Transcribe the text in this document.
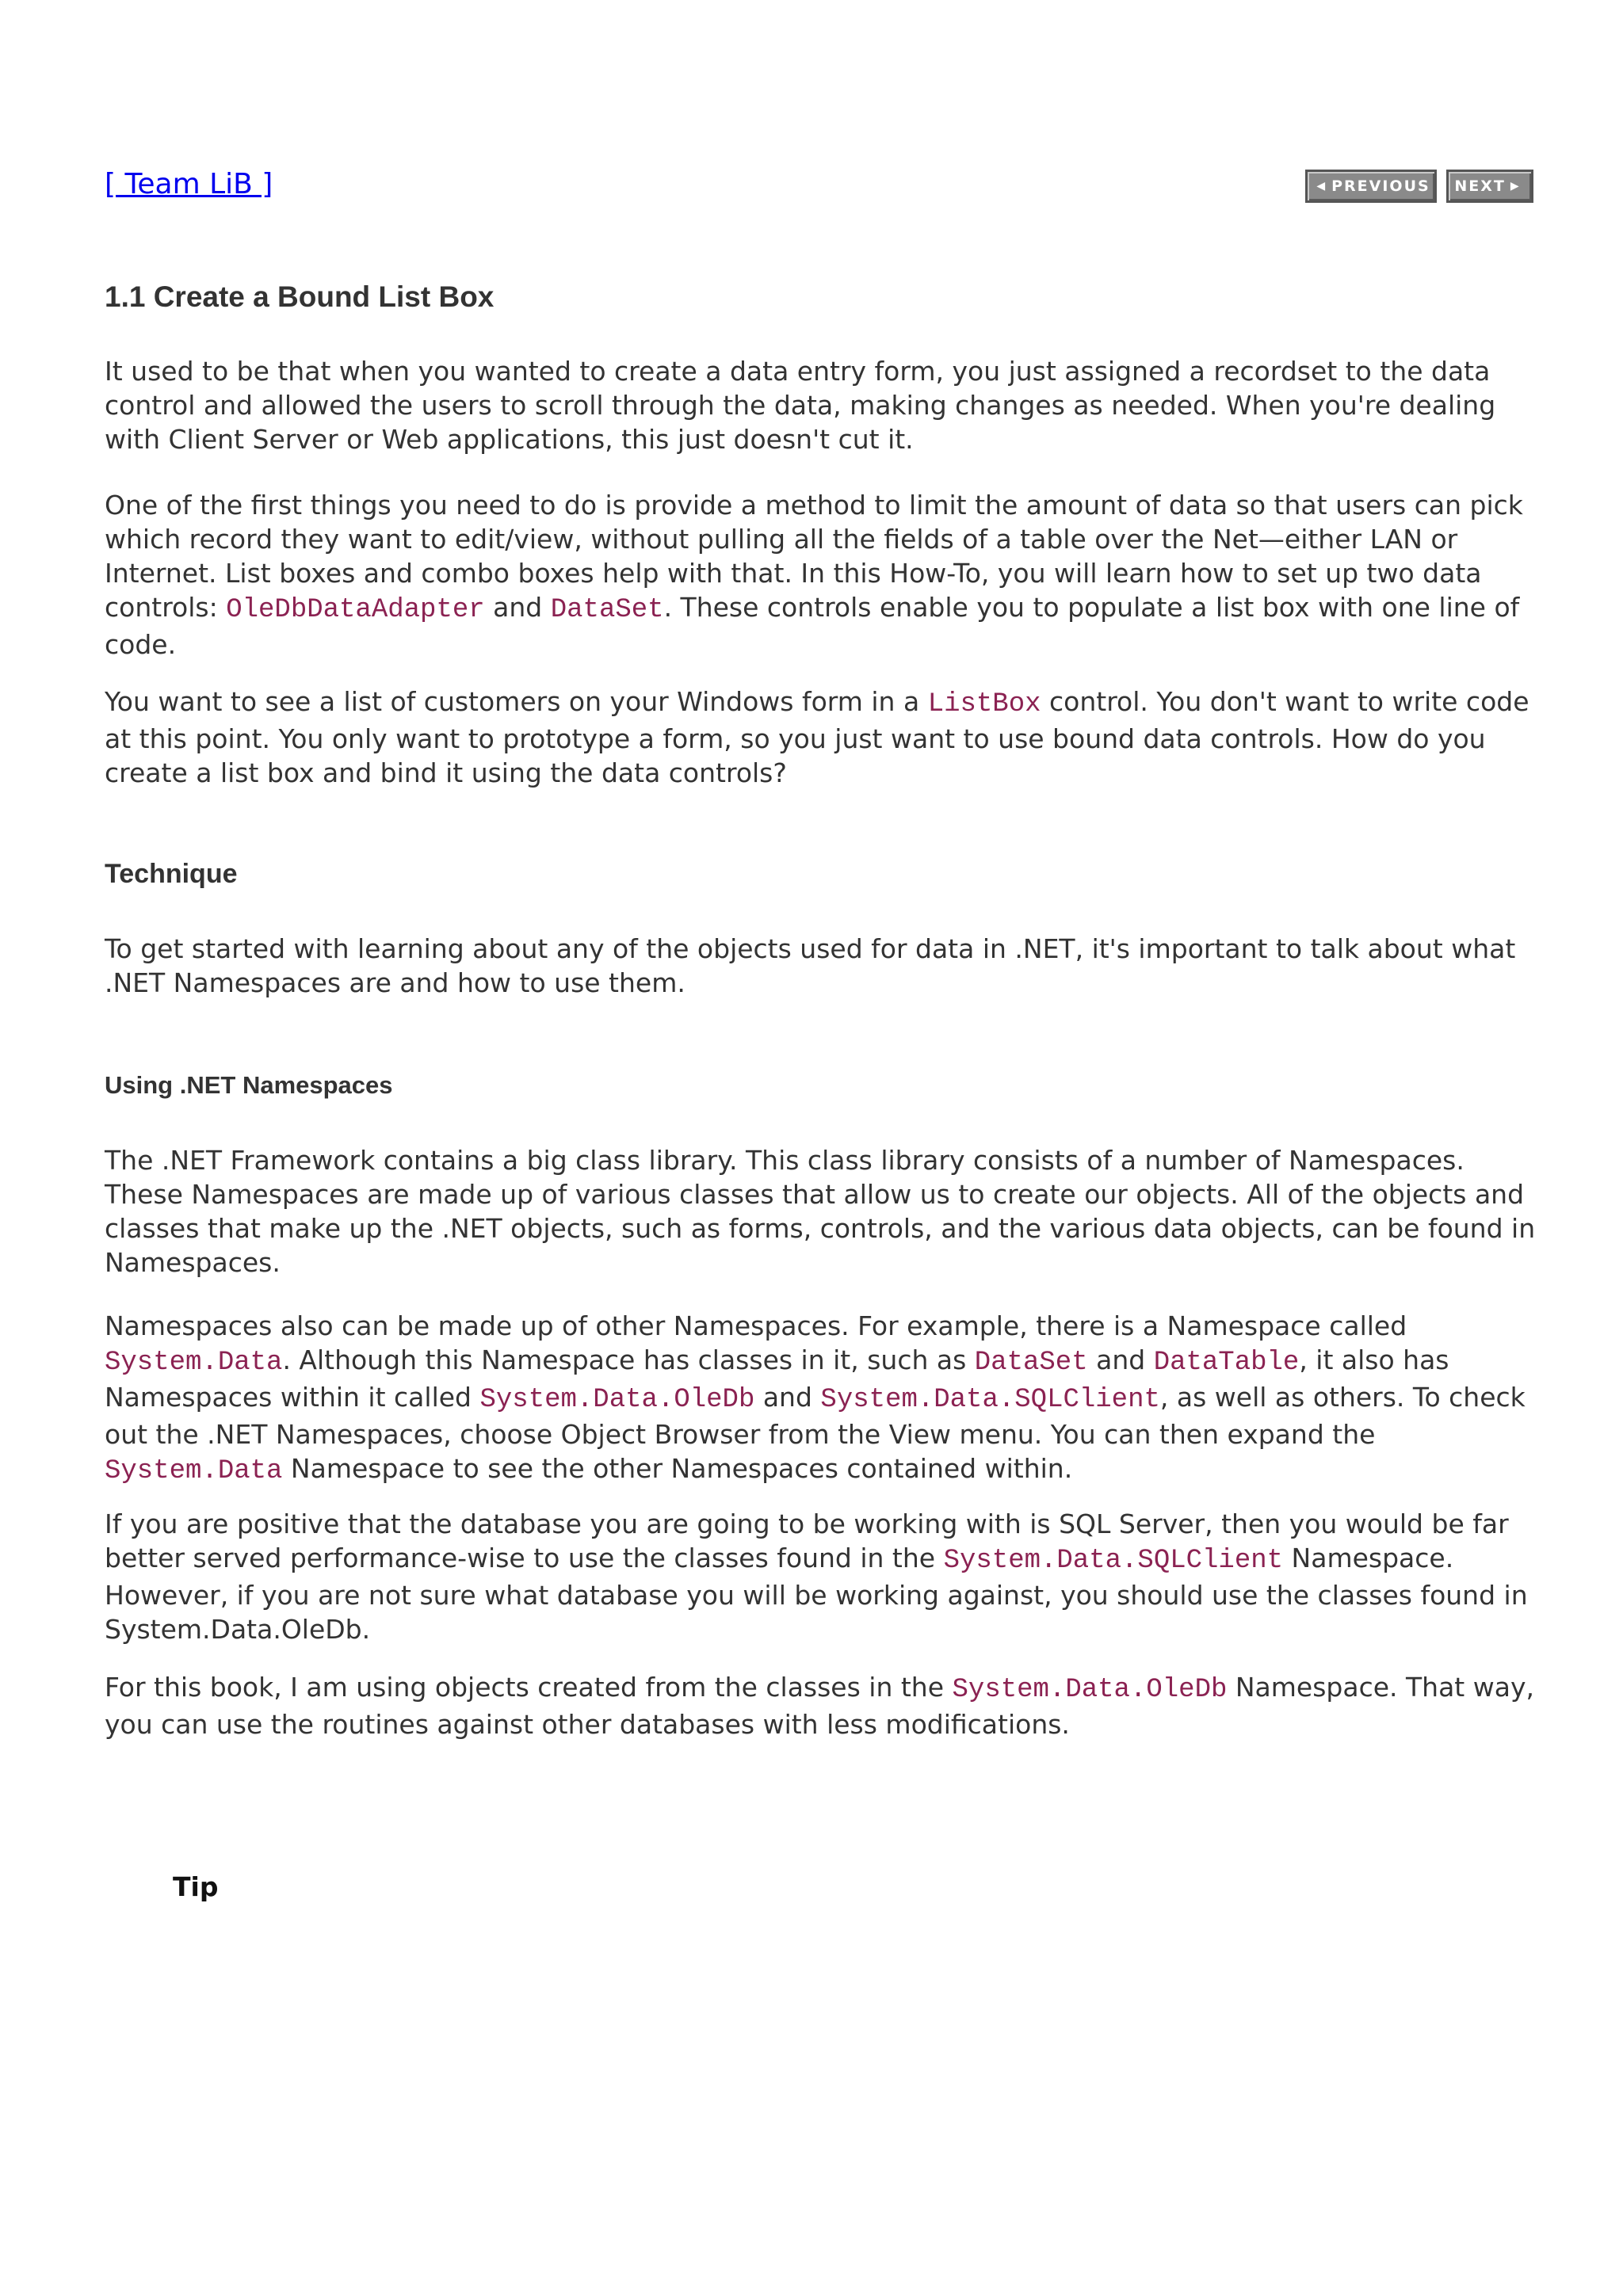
[ Team LiB ]	◀ PREVIOUS NEXT ▶
1.1 Create a Bound List Box

It used to be that when you wanted to create a data entry form, you just assigned a recordset to the data control and allowed the users to scroll through the data, making changes as needed. When you're dealing with Client Server or Web applications, this just doesn't cut it.

One of the first things you need to do is provide a method to limit the amount of data so that users can pick which record they want to edit/view, without pulling all the fields of a table over the Net—either LAN or Internet. List boxes and combo boxes help with that. In this How-To, you will learn how to set up two data controls: OleDbDataAdapter and DataSet. These controls enable you to populate a list box with one line of code.

You want to see a list of customers on your Windows form in a ListBox control. You don't want to write code at this point. You only want to prototype a form, so you just want to use bound data controls. How do you create a list box and bind it using the data controls?

Technique

To get started with learning about any of the objects used for data in .NET, it's important to talk about what .NET Namespaces are and how to use them.

Using .NET Namespaces

The .NET Framework contains a big class library. This class library consists of a number of Namespaces. These Namespaces are made up of various classes that allow us to create our objects. All of the objects and classes that make up the .NET objects, such as forms, controls, and the various data objects, can be found in Namespaces.

Namespaces also can be made up of other Namespaces. For example, there is a Namespace called System.Data. Although this Namespace has classes in it, such as DataSet and DataTable, it also has Namespaces within it called System.Data.OleDb and System.Data.SQLClient, as well as others. To check out the .NET Namespaces, choose Object Browser from the View menu. You can then expand the System.Data Namespace to see the other Namespaces contained within.

If you are positive that the database you are going to be working with is SQL Server, then you would be far better served performance-wise to use the classes found in the System.Data.SQLClient Namespace. However, if you are not sure what database you will be working against, you should use the classes found in System.Data.OleDb.

For this book, I am using objects created from the classes in the System.Data.OleDb Namespace. That way, you can use the routines against other databases with less modifications.

Tip
